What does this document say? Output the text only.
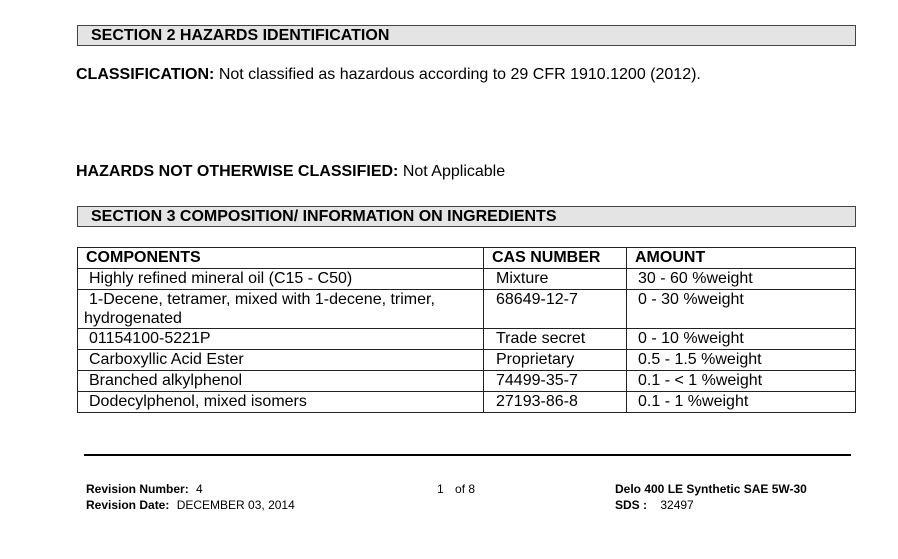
SECTION 2 HAZARDS IDENTIFICATION
CLASSIFICATION: Not classified as hazardous according to 29 CFR 1910.1200 (2012).
HAZARDS NOT OTHERWISE CLASSIFIED: Not Applicable
SECTION 3 COMPOSITION/ INFORMATION ON INGREDIENTS
COMPONENTS	CAS NUMBER	AMOUNT
Highly refined mineral oil (C15 - C50)	Mixture	30 - 60 %weight
1-Decene, tetramer, mixed with 1-decene, trimer, hydrogenated	68649-12-7	0 - 30 %weight
01154100-5221P	Trade secret	0 - 10 %weight
Carboxyllic Acid Ester	Proprietary	0.5 - 1.5 %weight
Branched alkylphenol	74499-35-7	0.1 - < 1 %weight
Dodecylphenol, mixed isomers	27193-86-8	0.1 - 1 %weight
Revision Number: 4
Revision Date: DECEMBER 03, 2014
1 of 8	Delo 400 LE Synthetic SAE 5W-30
SDS : 32497
